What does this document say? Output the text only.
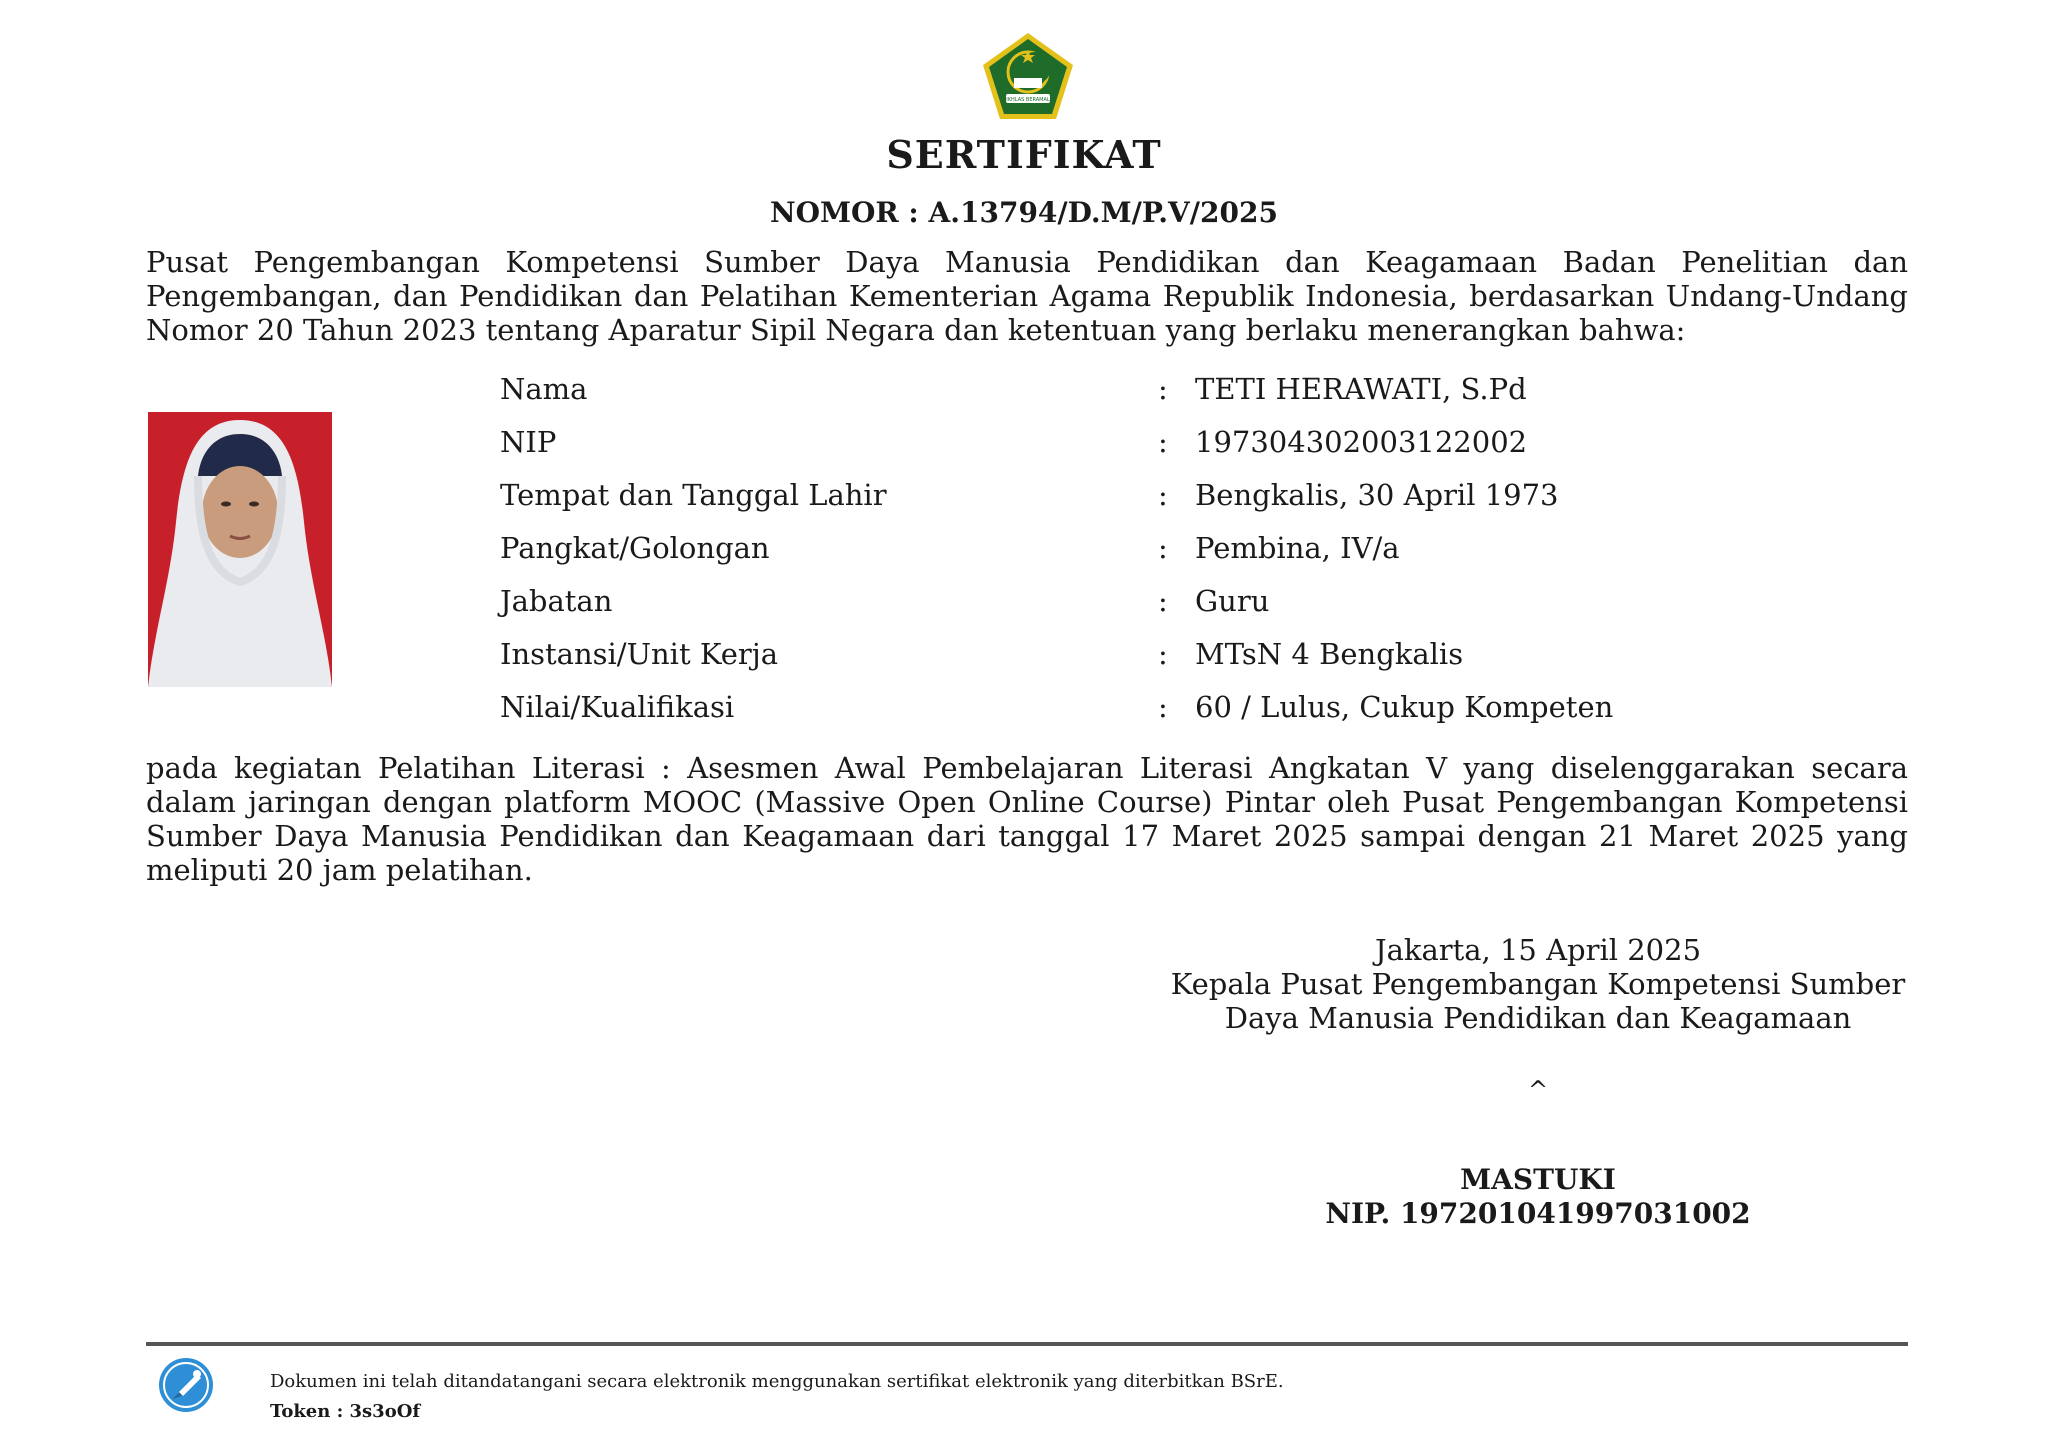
IKHLAS BERAMAL
SERTIFIKAT

NOMOR : A.13794/D.M/P.V/2025

Pusat Pengembangan Kompetensi Sumber Daya Manusia Pendidikan dan Keagamaan Badan Penelitian dan Pengembangan, dan Pendidikan dan Pelatihan Kementerian Agama Republik Indonesia, berdasarkan Undang-Undang Nomor 20 Tahun 2023 tentang Aparatur Sipil Negara dan ketentuan yang berlaku menerangkan bahwa:

Nama	: TETI HERAWATI, S.Pd
NIP	: 197304302003122002
Tempat dan Tanggal Lahir	: Bengkalis, 30 April 1973
Pangkat/Golongan	: Pembina, IV/a
Jabatan	: Guru
Instansi/Unit Kerja	: MTsN 4 Bengkalis
Nilai/Kualifikasi	: 60 / Lulus, Cukup Kompeten

pada kegiatan Pelatihan Literasi : Asesmen Awal Pembelajaran Literasi Angkatan V yang diselenggarakan secara dalam jaringan dengan platform MOOC (Massive Open Online Course) Pintar oleh Pusat Pengembangan Kompetensi Sumber Daya Manusia Pendidikan dan Keagamaan dari tanggal 17 Maret 2025 sampai dengan 21 Maret 2025 yang meliputi 20 jam pelatihan.

Jakarta, 15 April 2025

Kepala Pusat Pengembangan Kompetensi Sumber

Daya Manusia Pendidikan dan Keagamaan

^

MASTUKI

NIP. 197201041997031002

Dokumen ini telah ditandatangani secara elektronik menggunakan sertifikat elektronik yang diterbitkan BSrE.

Token : 3s3oOf
